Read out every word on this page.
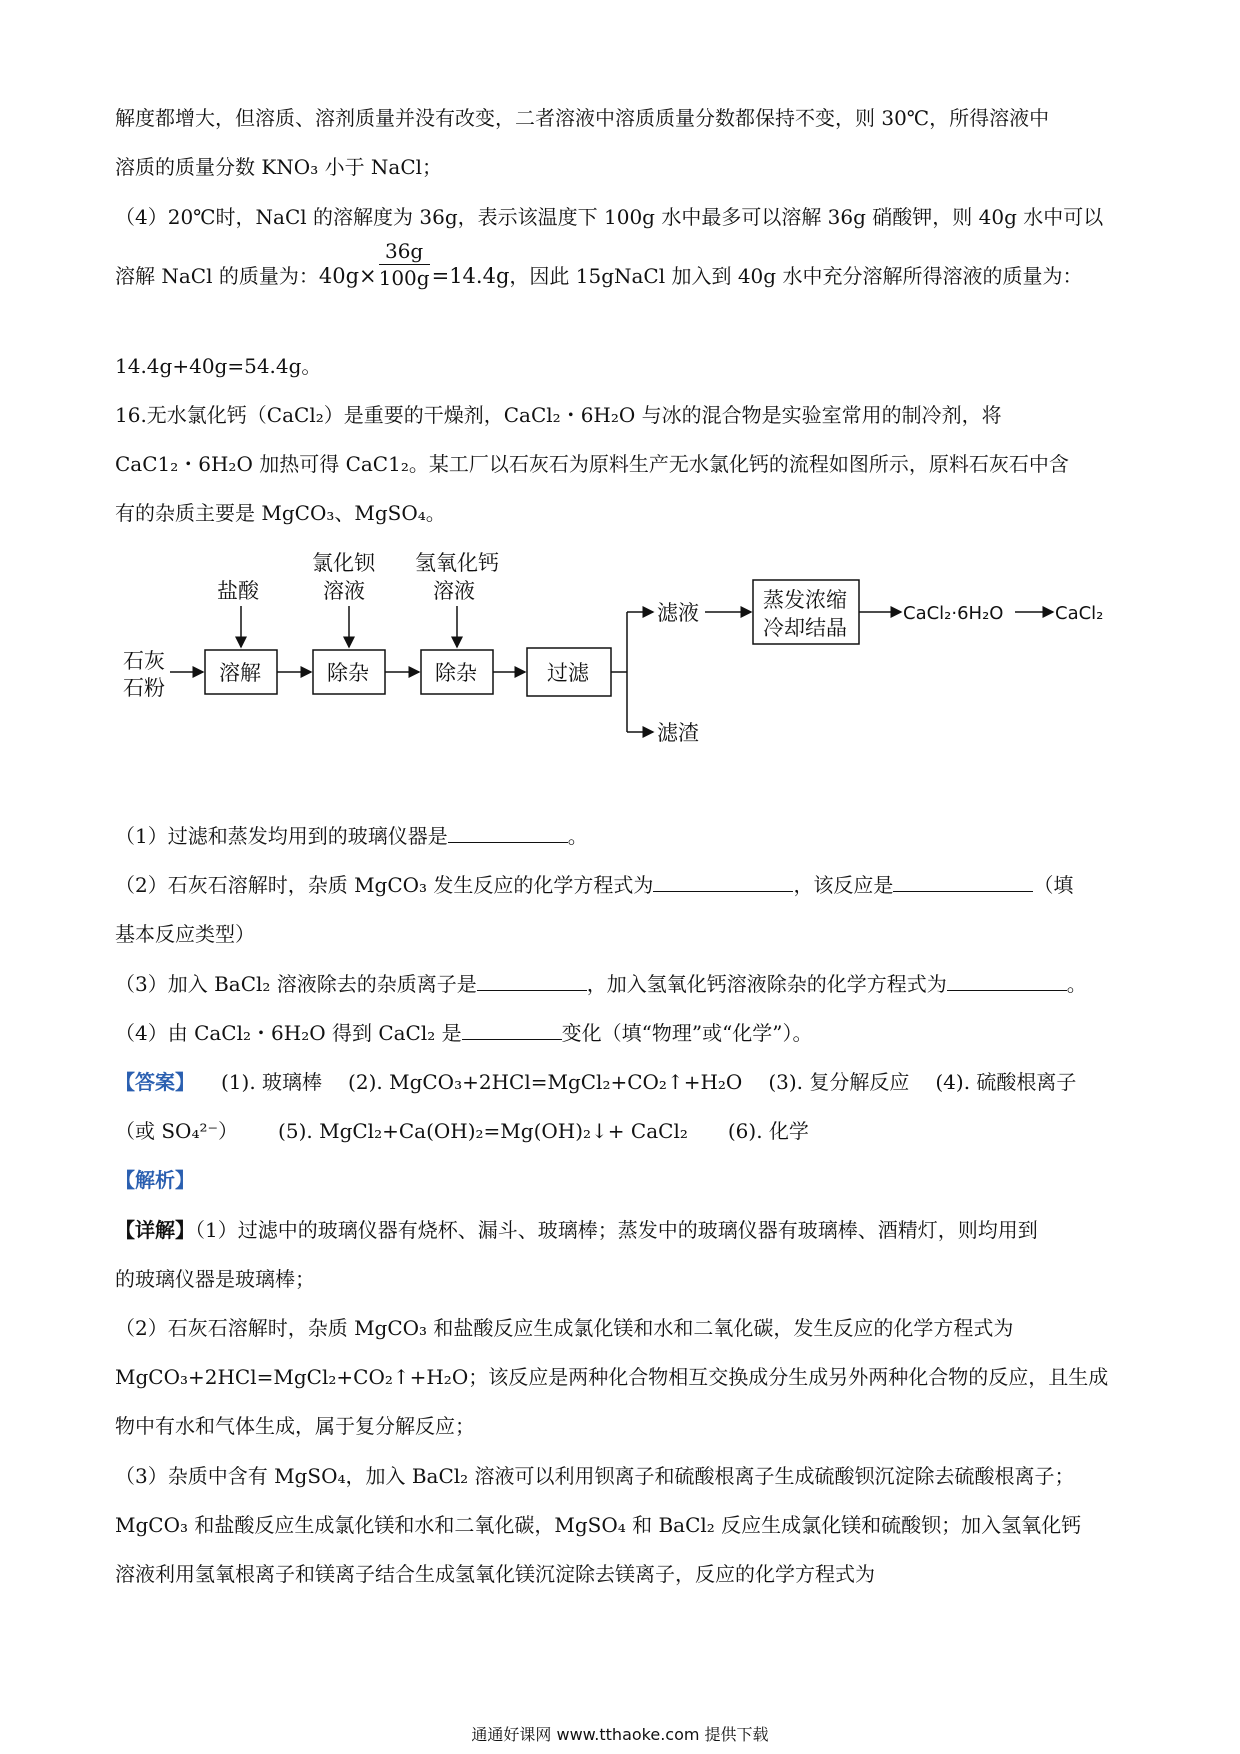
解度都增大，但溶质、溶剂质量并没有改变，二者溶液中溶质质量分数都保持不变，则 30℃，所得溶液中
溶质的质量分数 KNO₃ 小于 NaCl；
（4）20℃时，NaCl 的溶解度为 36g，表示该温度下 100g 水中最多可以溶解 36g 硝酸钾，则 40g 水中可以
溶解 NaCl 的质量为：$40g\times \frac{36g}{100g} =14.4g$，因此 15gNaCl 加入到 40g 水中充分溶解所得溶液的质量为：
14.4g+40g=54.4g。
16.无水氯化钙（CaCl₂）是重要的干燥剂，CaCl₂・6H₂O 与冰的混合物是实验室常用的制冷剂，将
CaC1₂・6H₂O 加热可得 CaC1₂。某工厂以石灰石为原料生产无水氯化钙的流程如图所示，原料石灰石中含
有的杂质主要是 MgCO₃、MgSO₄。
石灰
石粉
溶解
盐酸
除杂
氯化钡
溶液
除杂
氢氧化钙
溶液
过滤
滤液
滤渣
蒸发浓缩
冷却结晶
CaCl₂·6H₂O	CaCl₂
（1）过滤和蒸发均用到的玻璃仪器是	。
（2）石灰石溶解时，杂质 MgCO₃ 发生反应的化学方程式为	，该反应是	（填
基本反应类型）
（3）加入 BaCl₂ 溶液除去的杂质离子是	，加入氢氧化钙溶液除杂的化学方程式为	。
（4）由 CaCl₂・6H₂O 得到 CaCl₂ 是	变化（填“物理”或“化学”）。
【答案】 (1). 玻璃棒 (2). MgCO₃+2HCl=MgCl₂+CO₂↑+H₂O (3). 复分解反应 (4). 硫酸根离子
（或 SO₄²⁻） (5). MgCl₂+Ca(OH)₂=Mg(OH)₂↓+ CaCl₂ (6). 化学
【解析】
【详解】（1）过滤中的玻璃仪器有烧杯、漏斗、玻璃棒；蒸发中的玻璃仪器有玻璃棒、酒精灯，则均用到
的玻璃仪器是玻璃棒；
（2）石灰石溶解时，杂质 MgCO₃ 和盐酸反应生成氯化镁和水和二氧化碳，发生反应的化学方程式为
MgCO₃+2HCl=MgCl₂+CO₂↑+H₂O；该反应是两种化合物相互交换成分生成另外两种化合物的反应，且生成
物中有水和气体生成，属于复分解反应；
（3）杂质中含有 MgSO₄，加入 BaCl₂ 溶液可以利用钡离子和硫酸根离子生成硫酸钡沉淀除去硫酸根离子；
MgCO₃ 和盐酸反应生成氯化镁和水和二氧化碳，MgSO₄ 和 BaCl₂ 反应生成氯化镁和硫酸钡；加入氢氧化钙
溶液利用氢氧根离子和镁离子结合生成氢氧化镁沉淀除去镁离子，反应的化学方程式为
通通好课网 www.tthaoke.com 提供下载
